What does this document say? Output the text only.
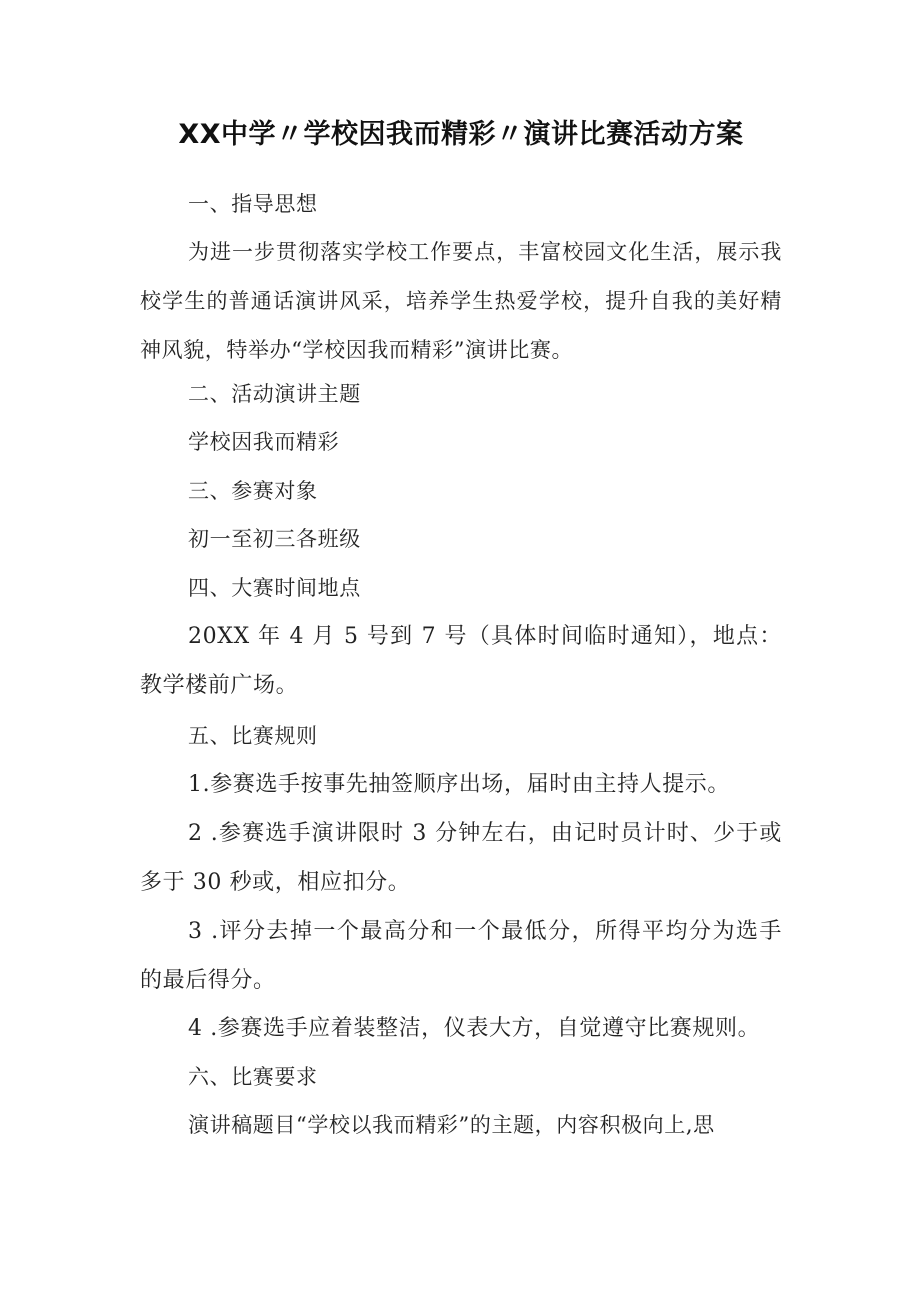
XX中学〃学校因我而精彩〃演讲比赛活动方案

一、指导思想

为进一步贯彻落实学校工作要点，丰富校园文化生活，展示我校学生的普通话演讲风采，培养学生热爱学校，提升自我的美好精神风貌，特举办“学校因我而精彩”演讲比赛。

二、活动演讲主题

学校因我而精彩

三、参赛对象

初一至初三各班级

四、大赛时间地点

20XX 年 4 月 5 号到 7 号（具体时间临时通知），地点：教学楼前广场。

五、比赛规则

1.参赛选手按事先抽签顺序出场，届时由主持人提示。

2 .参赛选手演讲限时 3 分钟左右，由记时员计时、少于或多于 30 秒或，相应扣分。

3 .评分去掉一个最高分和一个最低分，所得平均分为选手的最后得分。

4 .参赛选手应着装整洁，仪表大方，自觉遵守比赛规则。

六、比赛要求

演讲稿题目“学校以我而精彩”的主题，内容积极向上,思
